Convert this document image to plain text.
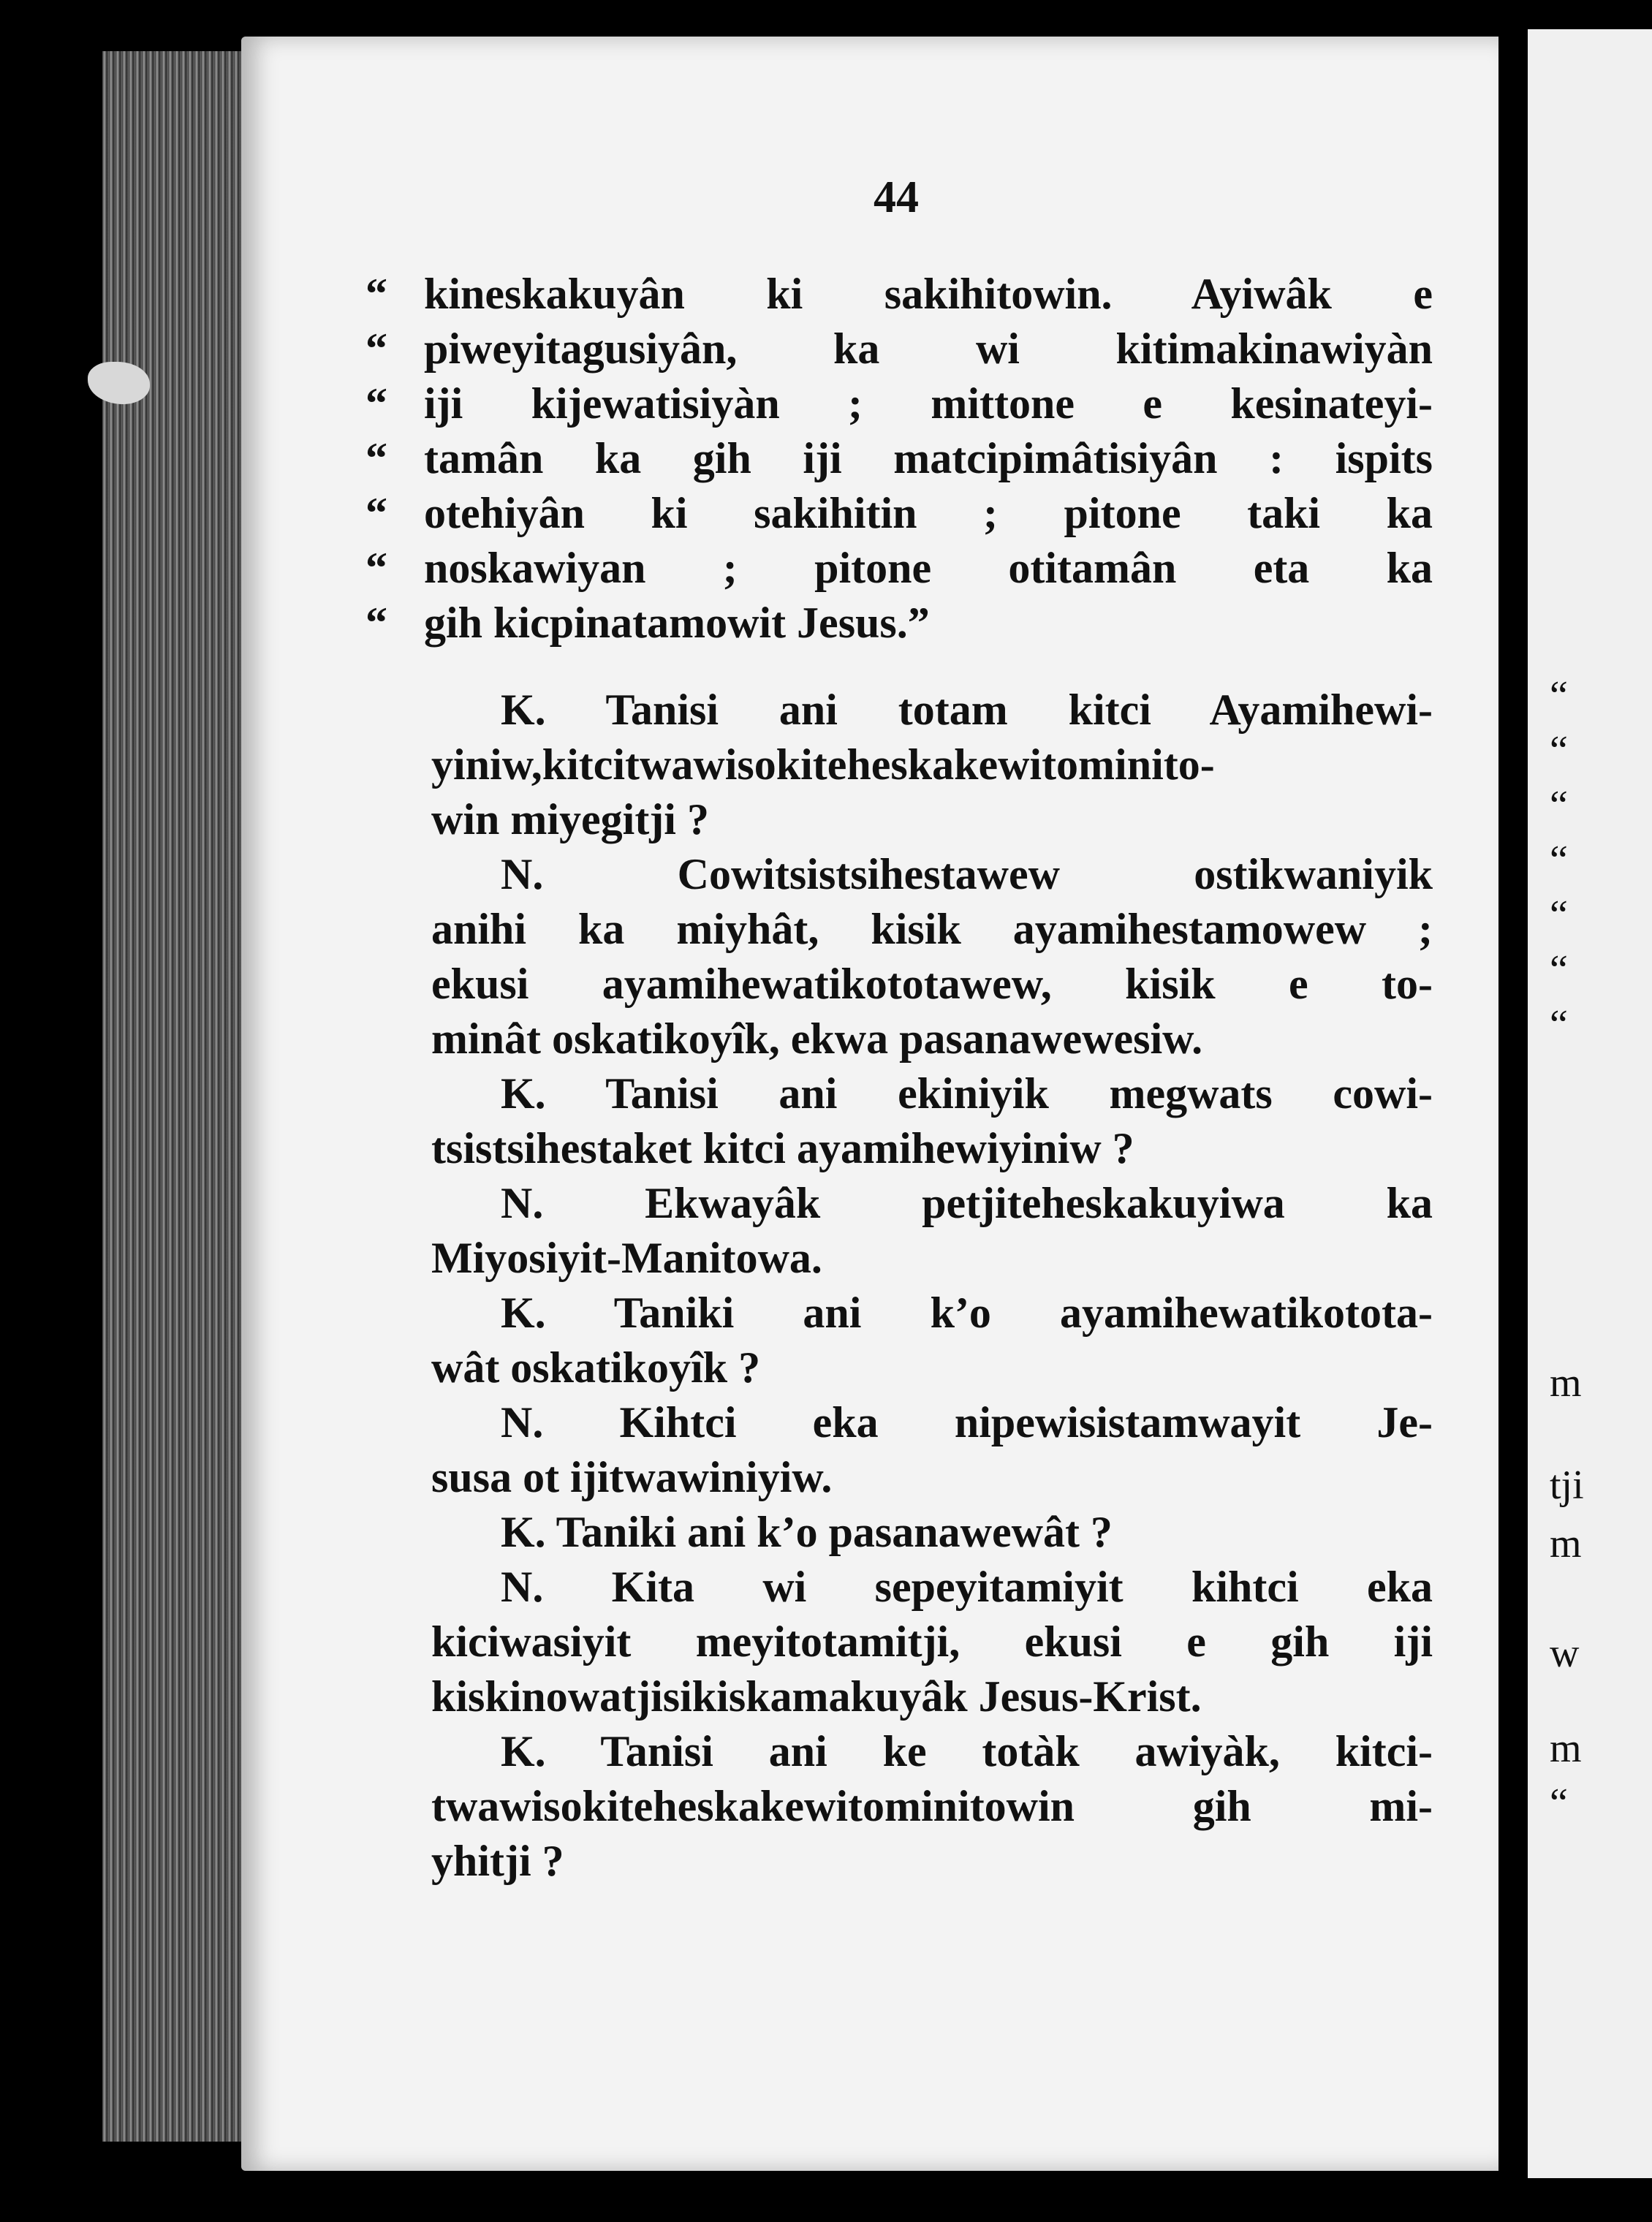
“
“
“
“
“
“
“
m
tji
m
w
m
“
44
“ kineskakuyân ki sakihitowin. Ayiwâk e
“ piweyitagusiyân, ka wi kitimakinawiyàn
“ iji kijewatisiyàn ; mittone e kesinateyi-
“ tamân ka gih iji matcipimâtisiyân : ispits
“ otehiyân ki sakihitin ; pitone taki ka
“ noskawiyan ; pitone otitamân eta ka
“ gih kicpinatamowit Jesus.”
K. Tanisi ani totam kitci Ayamihewi-
yiniw,kitcitwawisokiteheskakewitominito-
win miyegitji ?
N. Cowitsistsihestawew ostikwaniyik
anihi ka miyhât, kisik ayamihestamowew ;
ekusi ayamihewatikototawew, kisik e to-
minât oskatikoyîk, ekwa pasanawewesiw.
K. Tanisi ani ekiniyik megwats cowi-
tsistsihestaket kitci ayamihewiyiniw ?
N. Ekwayâk petjiteheskakuyiwa ka
Miyosiyit-Manitowa.
K. Taniki ani k’o ayamihewatikotota-
wât oskatikoyîk ?
N. Kihtci eka nipewisistamwayit Je-
susa ot ijitwawiniyiw.
K. Taniki ani k’o pasanawewât ?
N. Kita wi sepeyitamiyit kihtci eka
kiciwasiyit meyitotamitji, ekusi e gih iji
kiskinowatjisikiskamakuyâk Jesus-Krist.
K. Tanisi ani ke totàk awiyàk, kitci-
twawisokiteheskakewitominitowin gih mi-
yhitji ?
